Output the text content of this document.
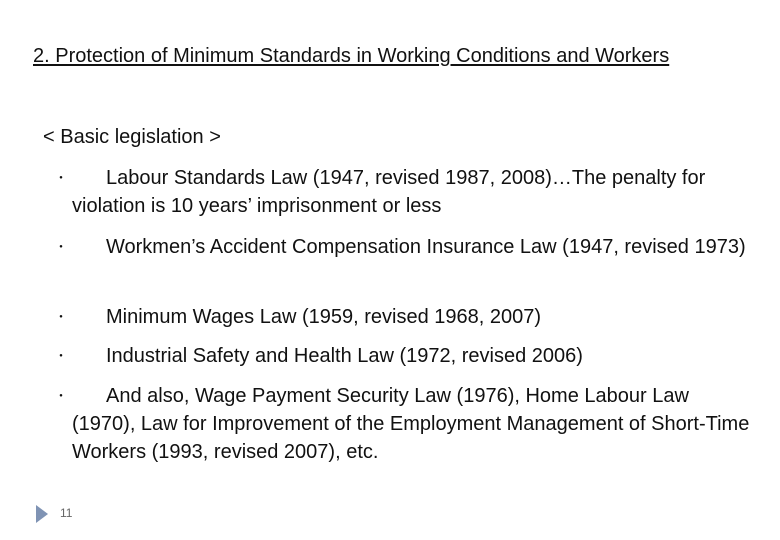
2. Protection of Minimum Standards in Working Conditions and Workers
< Basic legislation >
・	Labour Standards Law (1947, revised 1987, 2008)…The penalty for violation is 10 years’ imprisonment or less
・	Workmen’s Accident Compensation Insurance Law (1947, revised 1973)
・	Minimum Wages Law (1959, revised 1968, 2007)
・	Industrial Safety and Health Law (1972, revised 2006)
・	And also, Wage Payment Security Law (1976), Home Labour Law (1970), Law for Improvement of the Employment Management of Short-Time Workers (1993, revised 2007), etc.
11
